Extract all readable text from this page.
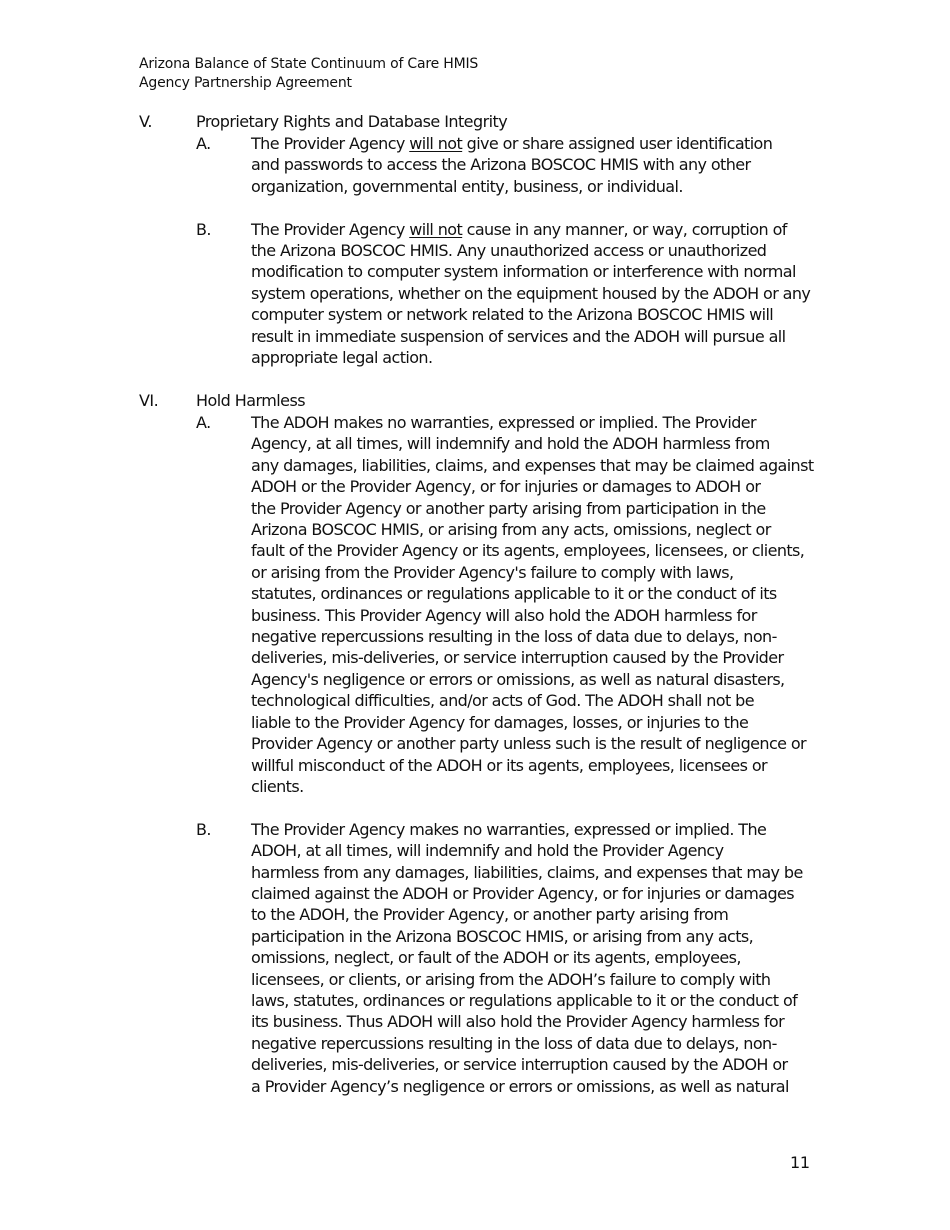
Arizona Balance of State Continuum of Care HMIS
Agency Partnership Agreement
V.	Proprietary Rights and Database Integrity
A.	The Provider Agency will not give or share assigned user identification
and passwords to access the Arizona BOSCOC HMIS with any other
organization, governmental entity, business, or individual.
B.	The Provider Agency will not cause in any manner, or way, corruption of
the Arizona BOSCOC HMIS. Any unauthorized access or unauthorized
modification to computer system information or interference with normal
system operations, whether on the equipment housed by the ADOH or any
computer system or network related to the Arizona BOSCOC HMIS will
result in immediate suspension of services and the ADOH will pursue all
appropriate legal action.
VI. Hold Harmless
A.	The ADOH makes no warranties, expressed or implied. The Provider
Agency, at all times, will indemnify and hold the ADOH harmless from
any damages, liabilities, claims, and expenses that may be claimed against
ADOH or the Provider Agency, or for injuries or damages to ADOH or
the Provider Agency or another party arising from participation in the
Arizona BOSCOC HMIS, or arising from any acts, omissions, neglect or
fault of the Provider Agency or its agents, employees, licensees, or clients,
or arising from the Provider Agency's failure to comply with laws,
statutes, ordinances or regulations applicable to it or the conduct of its
business. This Provider Agency will also hold the ADOH harmless for
negative repercussions resulting in the loss of data due to delays, non-
deliveries, mis-deliveries, or service interruption caused by the Provider
Agency's negligence or errors or omissions, as well as natural disasters,
technological difficulties, and/or acts of God. The ADOH shall not be
liable to the Provider Agency for damages, losses, or injuries to the
Provider Agency or another party unless such is the result of negligence or
willful misconduct of the ADOH or its agents, employees, licensees or
clients.
B.	The Provider Agency makes no warranties, expressed or implied. The
ADOH, at all times, will indemnify and hold the Provider Agency
harmless from any damages, liabilities, claims, and expenses that may be
claimed against the ADOH or Provider Agency, or for injuries or damages
to the ADOH, the Provider Agency, or another party arising from
participation in the Arizona BOSCOC HMIS, or arising from any acts,
omissions, neglect, or fault of the ADOH or its agents, employees,
licensees, or clients, or arising from the ADOH’s failure to comply with
laws, statutes, ordinances or regulations applicable to it or the conduct of
its business. Thus ADOH will also hold the Provider Agency harmless for
negative repercussions resulting in the loss of data due to delays, non-
deliveries, mis-deliveries, or service interruption caused by the ADOH or
a Provider Agency’s negligence or errors or omissions, as well as natural
11
